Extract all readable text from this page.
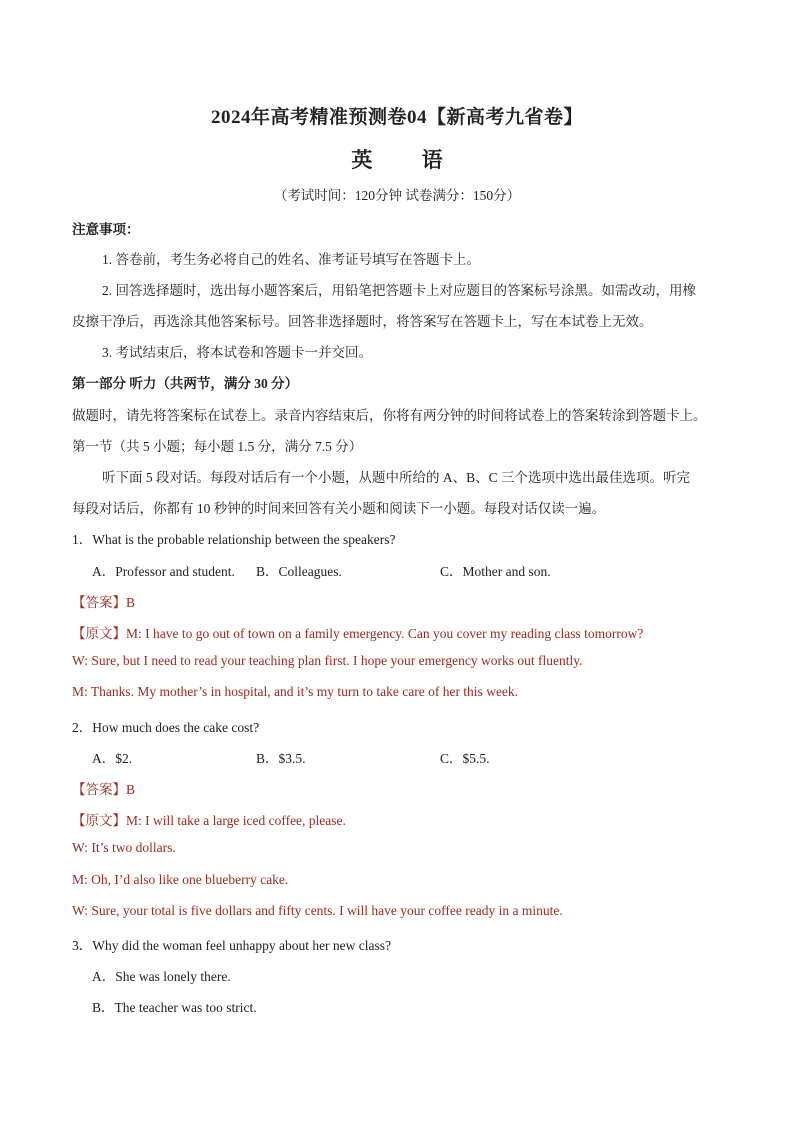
2024年高考精准预测卷04【新高考九省卷】
英 语
（考试时间：120分钟 试卷满分：150分）
注意事项：
1. 答卷前，考生务必将自己的姓名、准考证号填写在答题卡上。
2. 回答选择题时，选出每小题答案后，用铅笔把答题卡上对应题目的答案标号涂黑。如需改动，用橡
皮擦干净后，再选涂其他答案标号。回答非选择题时，将答案写在答题卡上，写在本试卷上无效。
3. 考试结束后，将本试卷和答题卡一并交回。
第一部分 听力（共两节，满分 30 分）
做题时，请先将答案标在试卷上。录音内容结束后，你将有两分钟的时间将试卷上的答案转涂到答题卡上。
第一节（共 5 小题；每小题 1.5 分，满分 7.5 分）
听下面 5 段对话。每段对话后有一个小题，从题中所给的 A、B、C 三个选项中选出最佳选项。听完
每段对话后，你都有 10 秒钟的时间来回答有关小题和阅读下一小题。每段对话仅读一遍。
1．What is the probable relationship between the speakers?
A．Professor and student. B．Colleagues.	C．Mother and son.
【答案】B
【原文】M: I have to go out of town on a family emergency. Can you cover my reading class tomorrow?
W: Sure, but I need to read your teaching plan first. I hope your emergency works out fluently.
M: Thanks. My mother’s in hospital, and it’s my turn to take care of her this week.
2．How much does the cake cost?
A．$2.	B．$3.5.	C．$5.5.
【答案】B
【原文】M: I will take a large iced coffee, please.
W: It’s two dollars.
M: Oh, I’d also like one blueberry cake.
W: Sure, your total is five dollars and fifty cents. I will have your coffee ready in a minute.
3．Why did the woman feel unhappy about her new class?
A．She was lonely there.
B．The teacher was too strict.
